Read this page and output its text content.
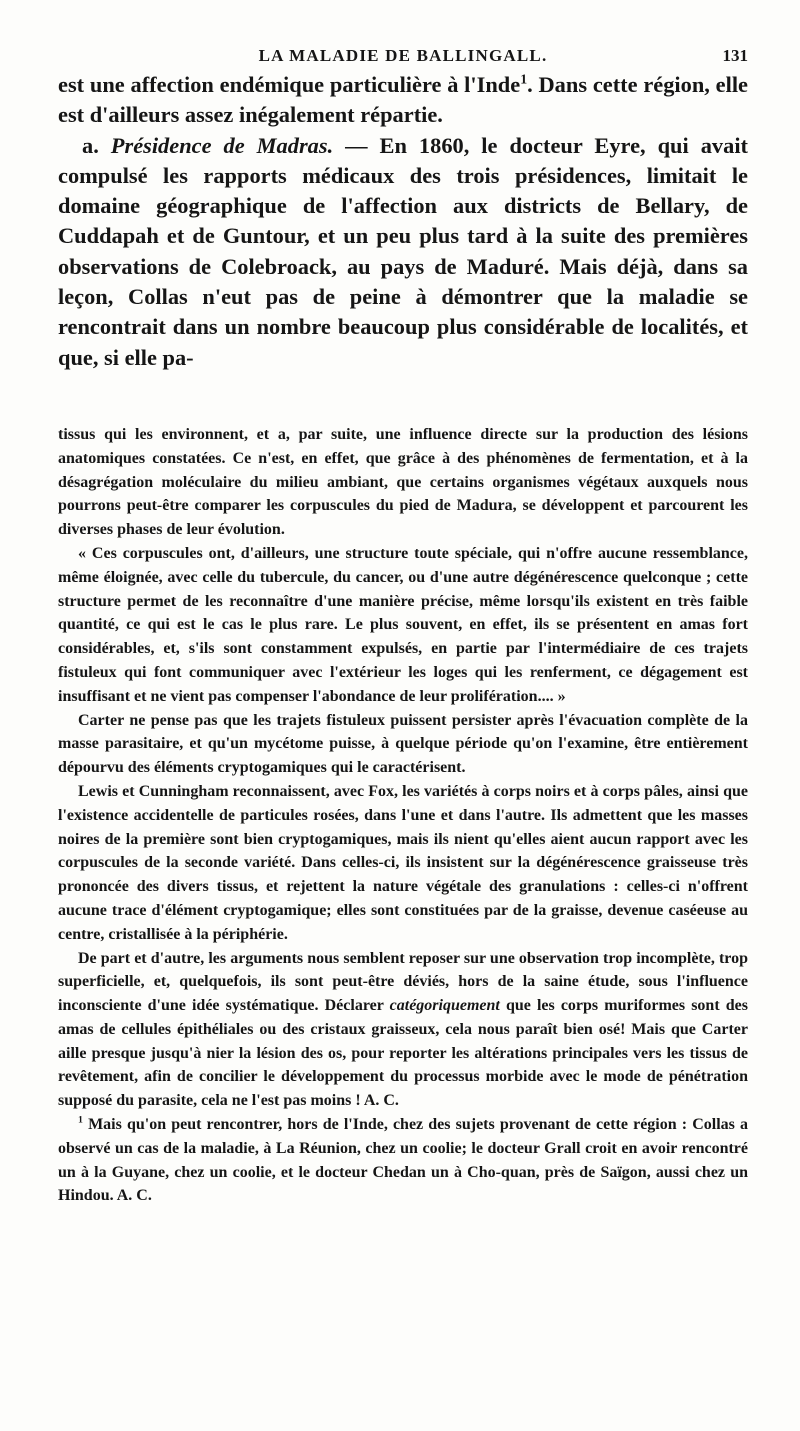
LA MALADIE DE BALLINGALL.	131

est une affection endémique particulière à l'Inde$^1$. Dans cette région, elle est d'ailleurs assez inégalement répartie.

a. Présidence de Madras. — En 1860, le docteur Eyre, qui avait compulsé les rapports médicaux des trois présidences, limitait le domaine géographique de l'affection aux districts de Bellary, de Cuddapah et de Guntour, et un peu plus tard à la suite des premières observations de Colebroack, au pays de Maduré. Mais déjà, dans sa leçon, Collas n'eut pas de peine à démontrer que la maladie se rencontrait dans un nombre beaucoup plus considérable de localités, et que, si elle pa-

tissus qui les environnent, et a, par suite, une influence directe sur la production des lésions anatomiques constatées. Ce n'est, en effet, que grâce à des phénomènes de fermentation, et à la désagrégation moléculaire du milieu ambiant, que certains organismes végétaux auxquels nous pourrons peut-être comparer les corpuscules du pied de Madura, se développent et parcourent les diverses phases de leur évolution.

« Ces corpuscules ont, d'ailleurs, une structure toute spéciale, qui n'offre aucune ressemblance, même éloignée, avec celle du tubercule, du cancer, ou d'une autre dégénérescence quelconque ; cette structure permet de les reconnaître d'une manière précise, même lorsqu'ils existent en très faible quantité, ce qui est le cas le plus rare. Le plus souvent, en effet, ils se présentent en amas fort considérables, et, s'ils sont constamment expulsés, en partie par l'intermédiaire de ces trajets fistuleux qui font communiquer avec l'extérieur les loges qui les renferment, ce dégagement est insuffisant et ne vient pas compenser l'abondance de leur prolifération.... »

Carter ne pense pas que les trajets fistuleux puissent persister après l'évacuation complète de la masse parasitaire, et qu'un mycétome puisse, à quelque période qu'on l'examine, être entièrement dépourvu des éléments cryptogamiques qui le caractérisent.

Lewis et Cunningham reconnaissent, avec Fox, les variétés à corps noirs et à corps pâles, ainsi que l'existence accidentelle de particules rosées, dans l'une et dans l'autre. Ils admettent que les masses noires de la première sont bien cryptogamiques, mais ils nient qu'elles aient aucun rapport avec les corpuscules de la seconde variété. Dans celles-ci, ils insistent sur la dégénérescence graisseuse très prononcée des divers tissus, et rejettent la nature végétale des granulations : celles-ci n'offrent aucune trace d'élément cryptogamique; elles sont constituées par de la graisse, devenue caséeuse au centre, cristallisée à la périphérie.

De part et d'autre, les arguments nous semblent reposer sur une observation trop incomplète, trop superficielle, et, quelquefois, ils sont peut-être déviés, hors de la saine étude, sous l'influence inconsciente d'une idée systématique. Déclarer catégoriquement que les corps muriformes sont des amas de cellules épithéliales ou des cristaux graisseux, cela nous paraît bien osé! Mais que Carter aille presque jusqu'à nier la lésion des os, pour reporter les altérations principales vers les tissus de revêtement, afin de concilier le développement du processus morbide avec le mode de pénétration supposé du parasite, cela ne l'est pas moins ! A. C.

$^1$ Mais qu'on peut rencontrer, hors de l'Inde, chez des sujets provenant de cette région : Collas a observé un cas de la maladie, à La Réunion, chez un coolie; le docteur Grall croit en avoir rencontré un à la Guyane, chez un coolie, et le docteur Chedan un à Cho-quan, près de Saïgon, aussi chez un Hindou. A. C.
